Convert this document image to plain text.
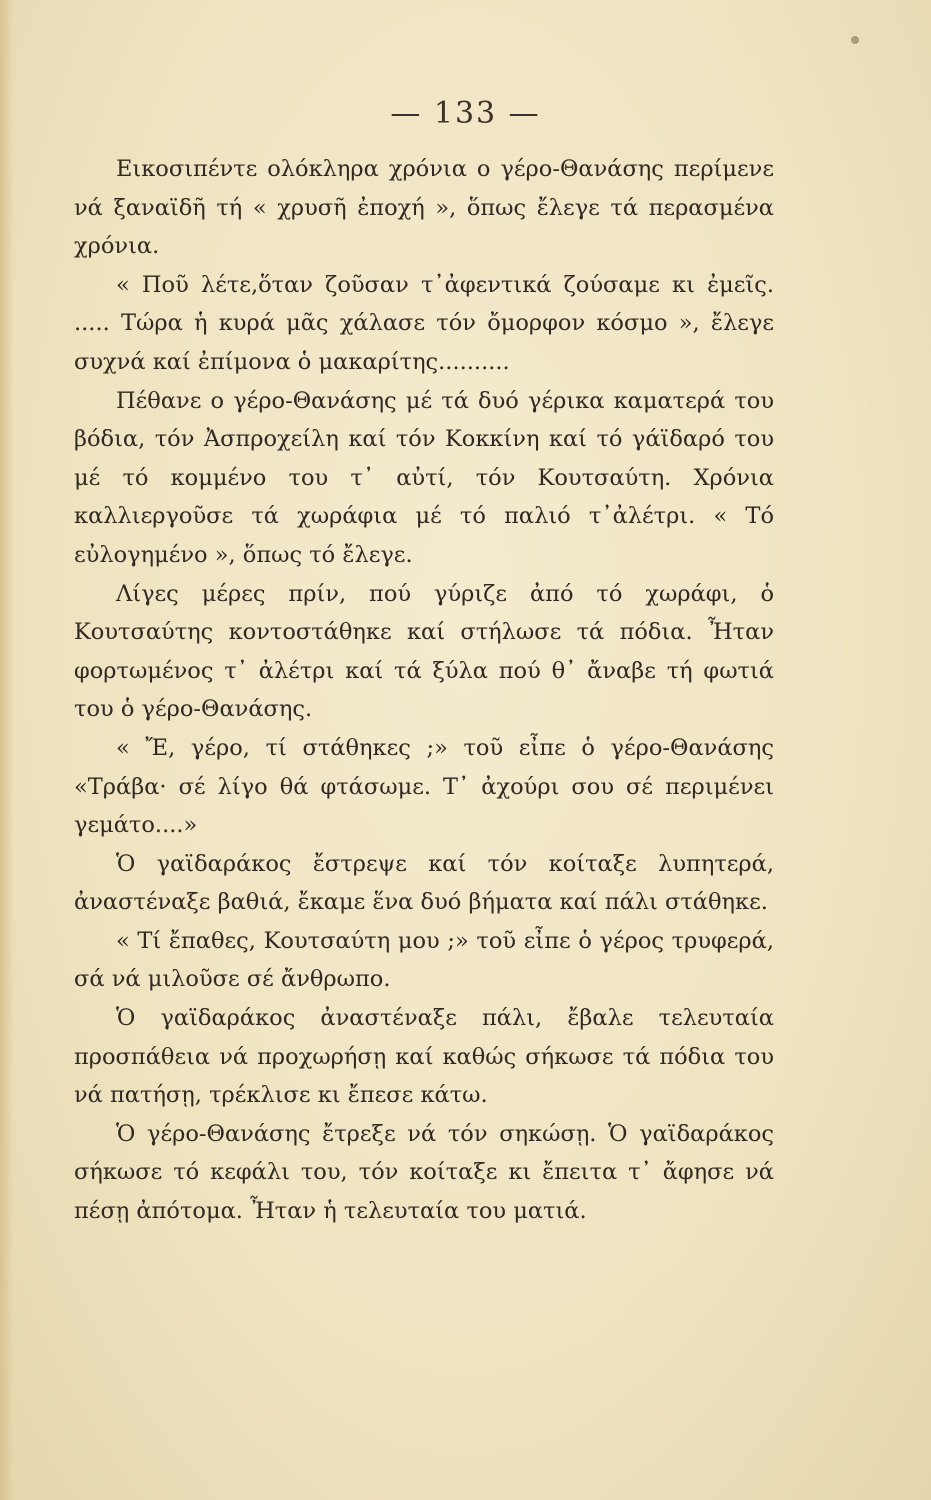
— 133 —

Εικοσιπέντε ολόκληρα χρόνια ο γέρο-Θανάσης περίμενε νά ξαναϊδῆ τή « χρυσῆ ἐποχή », ὅπως ἔλεγε τά περασμένα χρόνια.

« Ποῦ λέτε,ὅταν ζοῦσαν τ᾽ἀφεντικά ζούσαμε κι ἐμεῖς. ..... Τώρα ἡ κυρά μᾶς χάλασε τόν ὄμορφον κόσμο », ἔλεγε συχνά καί ἐπίμονα ὁ μακαρίτης..........

Πέθανε ο γέρο-Θανάσης μέ τά δυό γέρικα καματερά του βόδια, τόν Ἀσπροχείλη καί τόν Κοκκίνη καί τό γάϊδαρό του μέ τό κομμένο του τ᾽ αὐτί, τόν Κουτσαύτη. Χρόνια καλλιεργοῦσε τά χωράφια μέ τό παλιό τ᾽ἀλέτρι. « Τό εὐλογημένο », ὅπως τό ἔλεγε.

Λίγες μέρες πρίν, πού γύριζε ἀπό τό χωράφι, ὁ Κουτσαύτης κοντοστάθηκε καί στήλωσε τά πόδια. Ἦταν φορτωμένος τ᾽ ἀλέτρι καί τά ξύλα πού θ᾽ ἄναβε τή φωτιά του ὁ γέρο-Θανάσης.

« Ἔ, γέρο, τί στάθηκες ;» τοῦ εἶπε ὁ γέρο-Θανάσης «Τράβα· σέ λίγο θά φτάσωμε. Τ᾽ ἀχούρι σου σέ περιμένει γεμάτο....»

Ὁ γαϊδαράκος ἔστρεψε καί τόν κοίταξε λυπητερά, ἀναστέναξε βαθιά, ἔκαμε ἕνα δυό βήματα καί πάλι στάθηκε.

« Τί ἔπαθες, Κουτσαύτη μου ;» τοῦ εἶπε ὁ γέρος τρυφερά, σά νά μιλοῦσε σέ ἄνθρωπο.

Ὁ γαϊδαράκος ἀναστέναξε πάλι, ἔβαλε τελευταία προσπάθεια νά προχωρήσῃ καί καθώς σήκωσε τά πόδια του νά πατήσῃ, τρέκλισε κι ἔπεσε κάτω.

Ὁ γέρο-Θανάσης ἔτρεξε νά τόν σηκώσῃ. Ὁ γαϊδαράκος σήκωσε τό κεφάλι του, τόν κοίταξε κι ἔπειτα τ᾽ ἄφησε νά πέσῃ ἀπότομα. Ἦταν ἡ τελευταία του ματιά.
